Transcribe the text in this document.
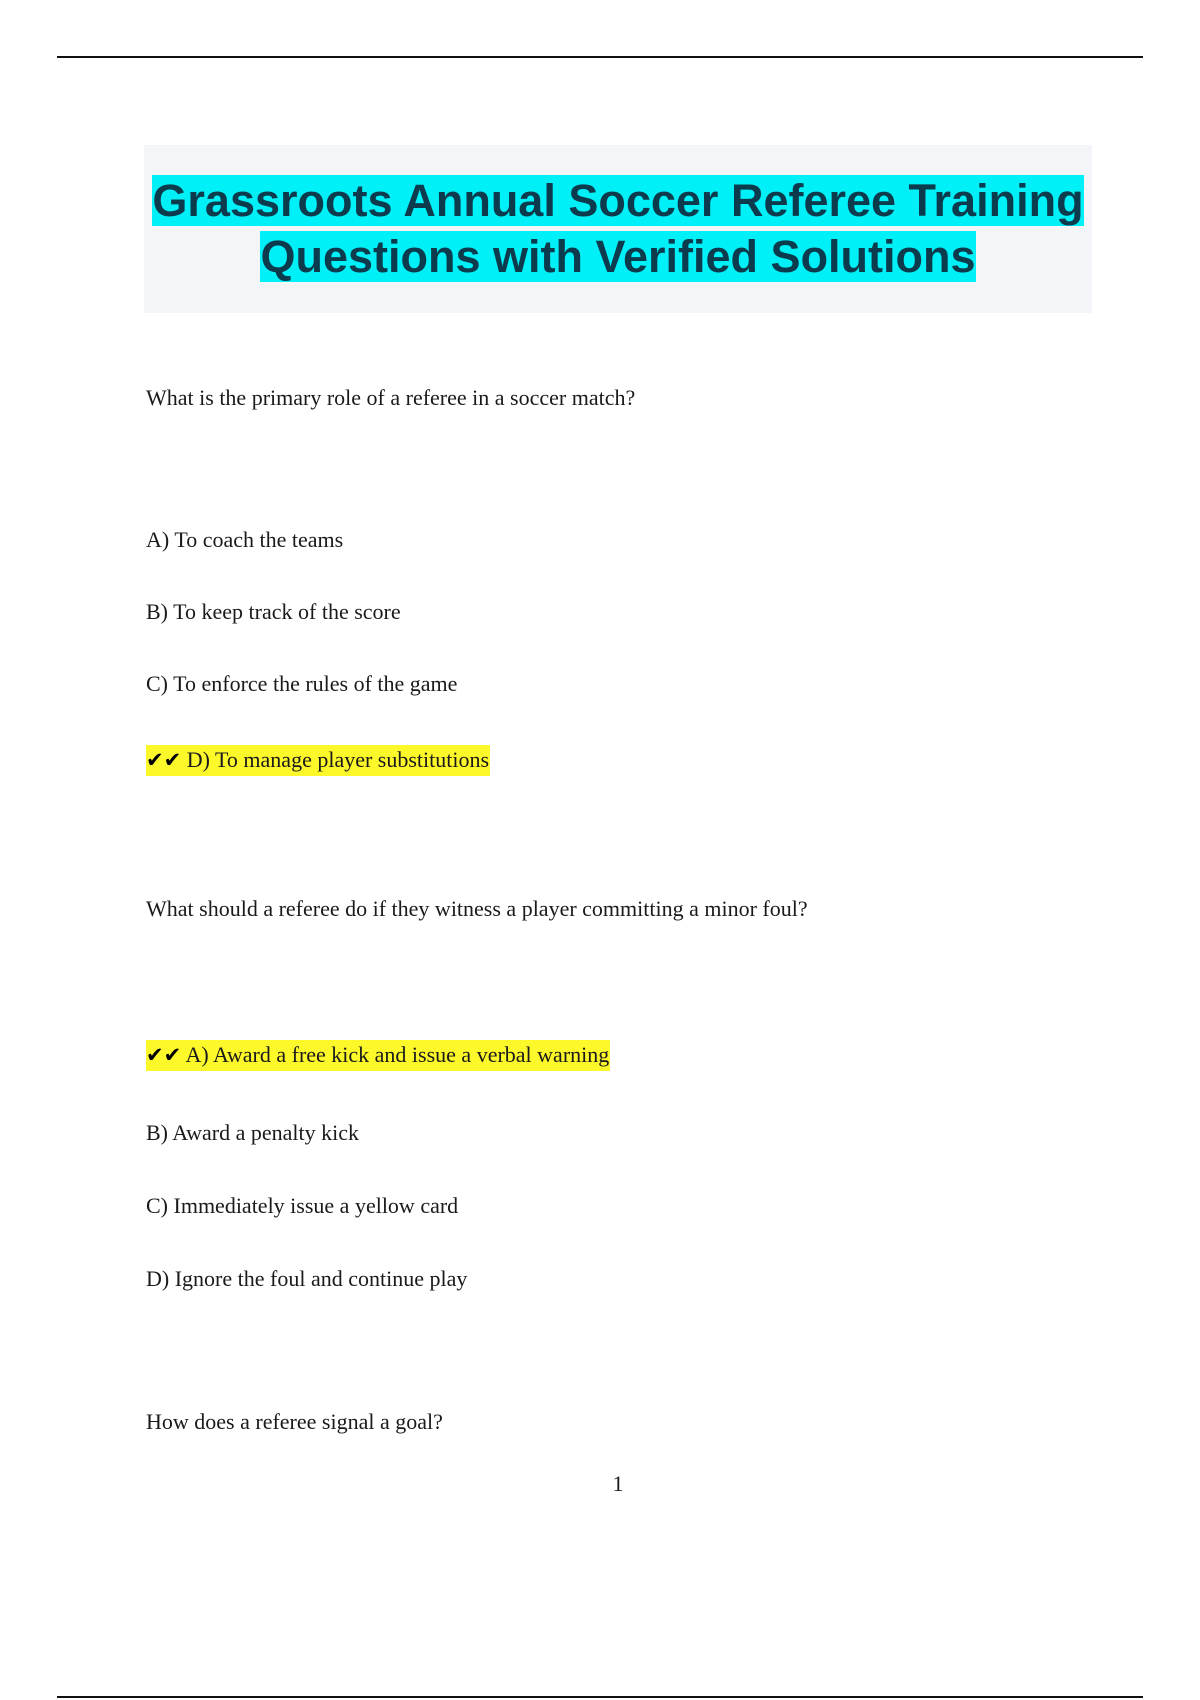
Grassroots Annual Soccer Referee Training Questions with Verified Solutions
What is the primary role of a referee in a soccer match?
A) To coach the teams
B) To keep track of the score
C) To enforce the rules of the game
✔✔ D) To manage player substitutions
What should a referee do if they witness a player committing a minor foul?
✔✔ A) Award a free kick and issue a verbal warning
B) Award a penalty kick
C) Immediately issue a yellow card
D) Ignore the foul and continue play
How does a referee signal a goal?
1
